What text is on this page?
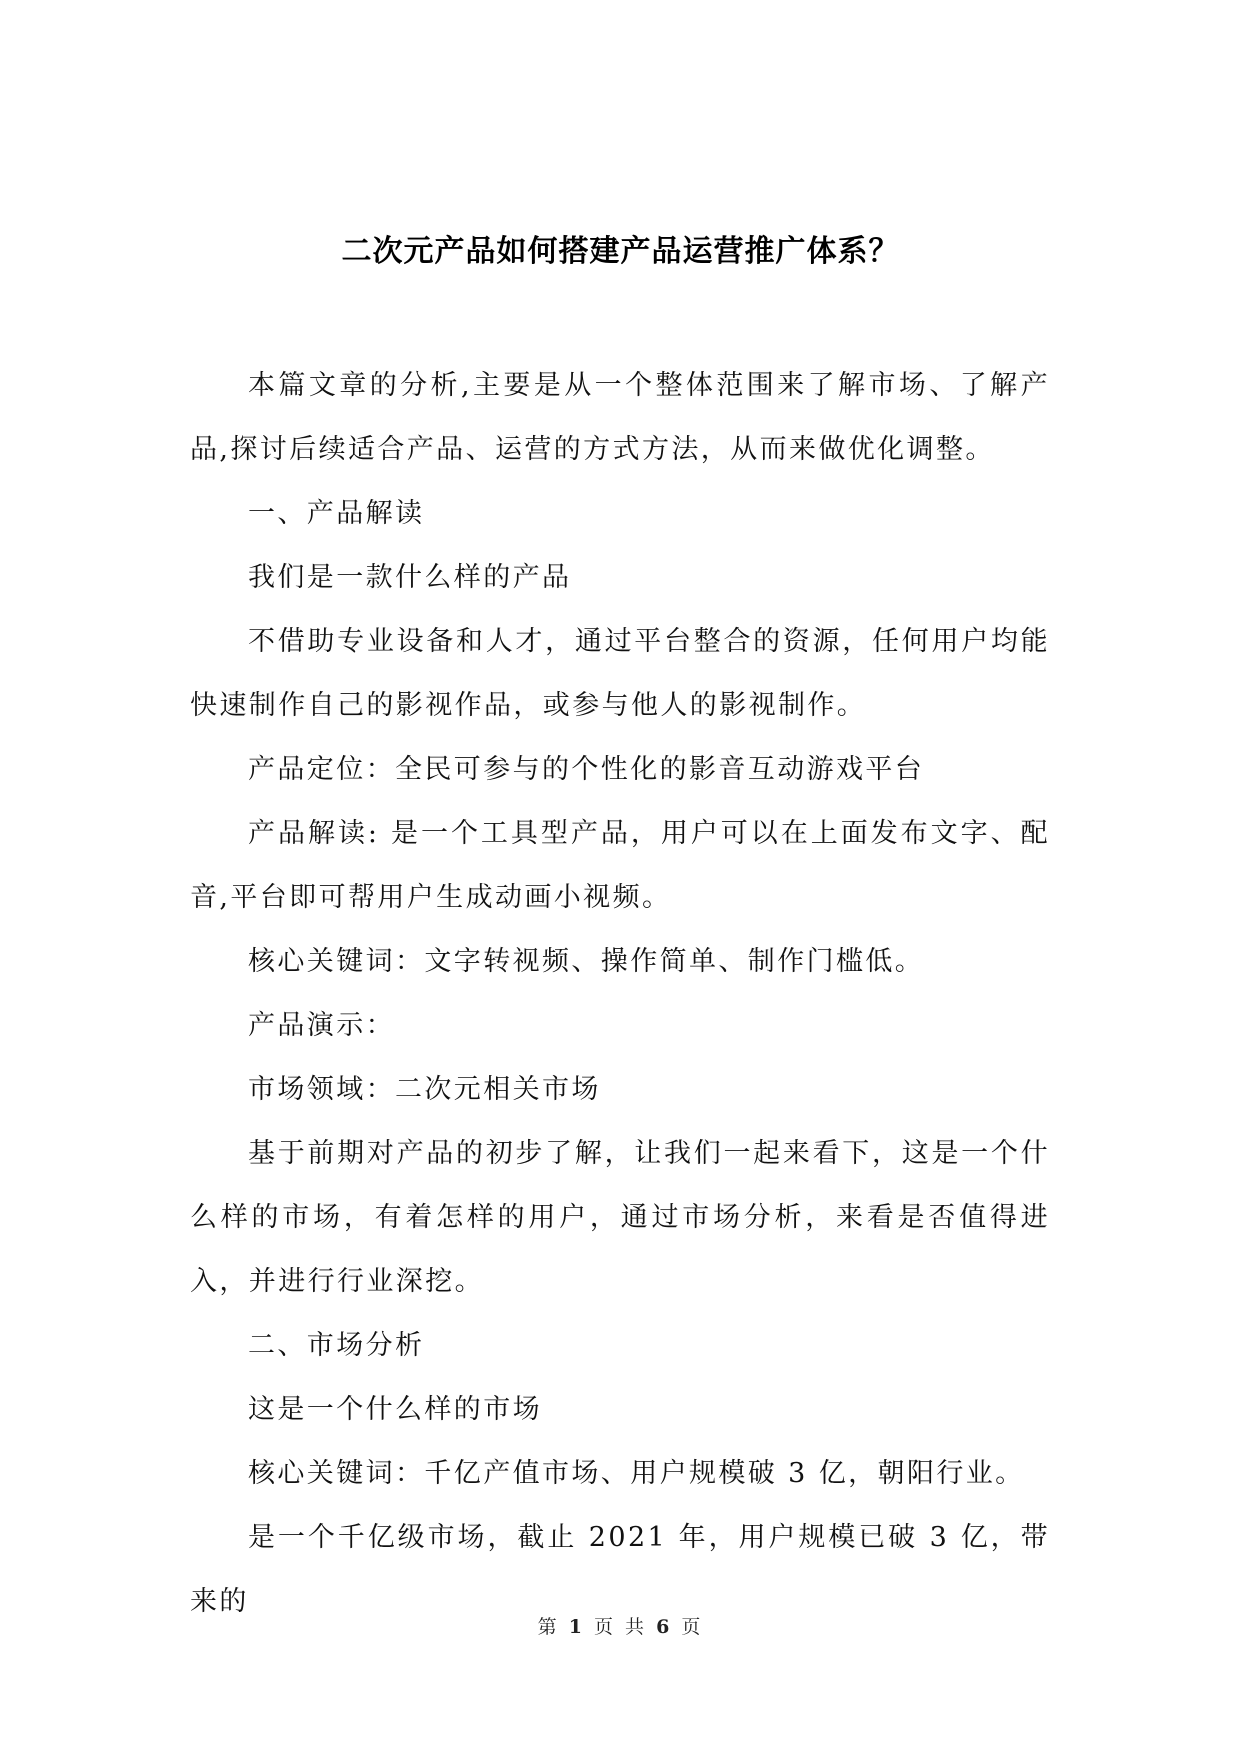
二次元产品如何搭建产品运营推广体系？

本篇文章的分析,主要是从一个整体范围来了解市场、了解产品,探讨后续适合产品、运营的方式方法，从而来做优化调整。

一、产品解读

我们是一款什么样的产品

不借助专业设备和人才，通过平台整合的资源，任何用户均能快速制作自己的影视作品，或参与他人的影视制作。

产品定位：全民可参与的个性化的影音互动游戏平台

产品解读: 是一个工具型产品，用户可以在上面发布文字、配音,平台即可帮用户生成动画小视频。

核心关键词：文字转视频、操作简单、制作门槛低。

产品演示：

市场领域：二次元相关市场

基于前期对产品的初步了解，让我们一起来看下，这是一个什么样的市场，有着怎样的用户，通过市场分析，来看是否值得进入，并进行行业深挖。

二、市场分析

这是一个什么样的市场

核心关键词：千亿产值市场、用户规模破 3 亿，朝阳行业。

是一个千亿级市场，截止 2021 年，用户规模已破 3 亿，带来的

第 1 页 共 6 页
